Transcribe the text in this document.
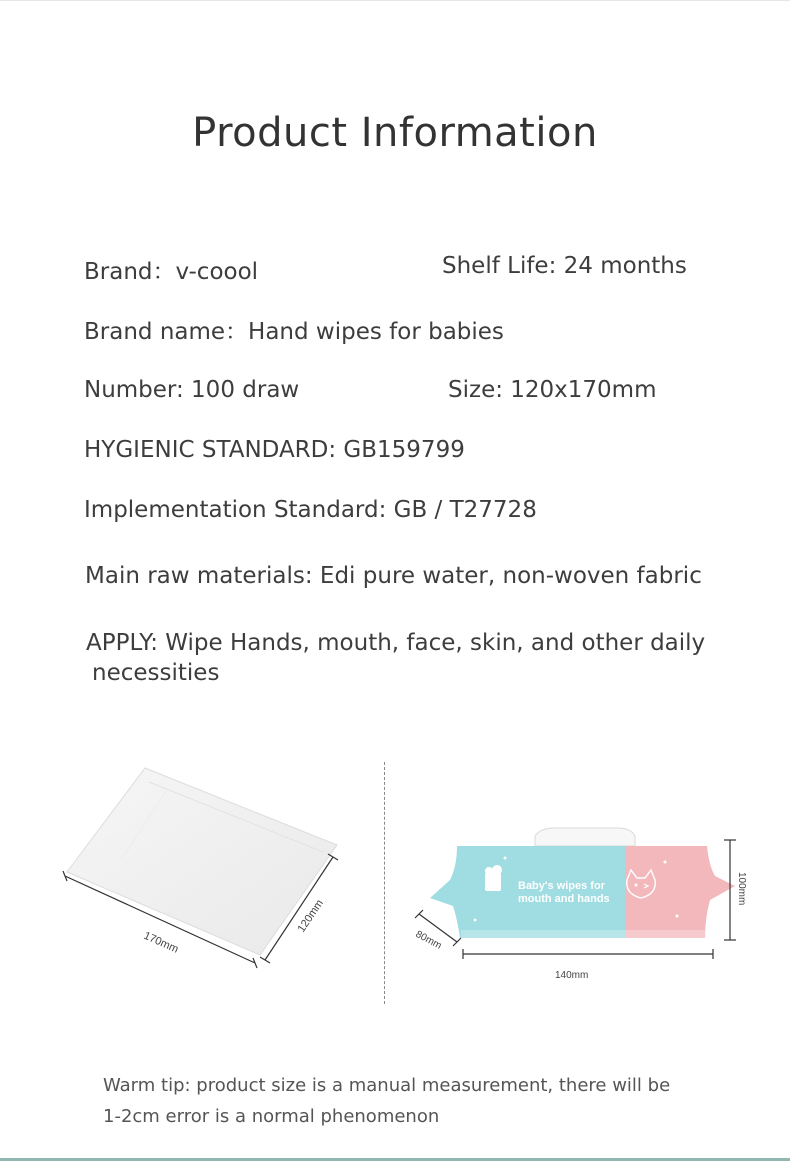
Product Information
Brand：v-coool	Shelf Life: 24 months
Brand name：Hand wipes for babies
Number: 100 draw	Size: 120x170mm
HYGIENIC STANDARD: GB159799
Implementation Standard: GB / T27728
Main raw materials: Edi pure water, non-woven fabric
APPLY: Wipe Hands, mouth, face, skin, and other daily
necessities
170mm
120mm
Baby's wipes for
mouth and hands
80mm
140mm
100mm
Warm tip: product size is a manual measurement, there will be
1-2cm error is a normal phenomenon
